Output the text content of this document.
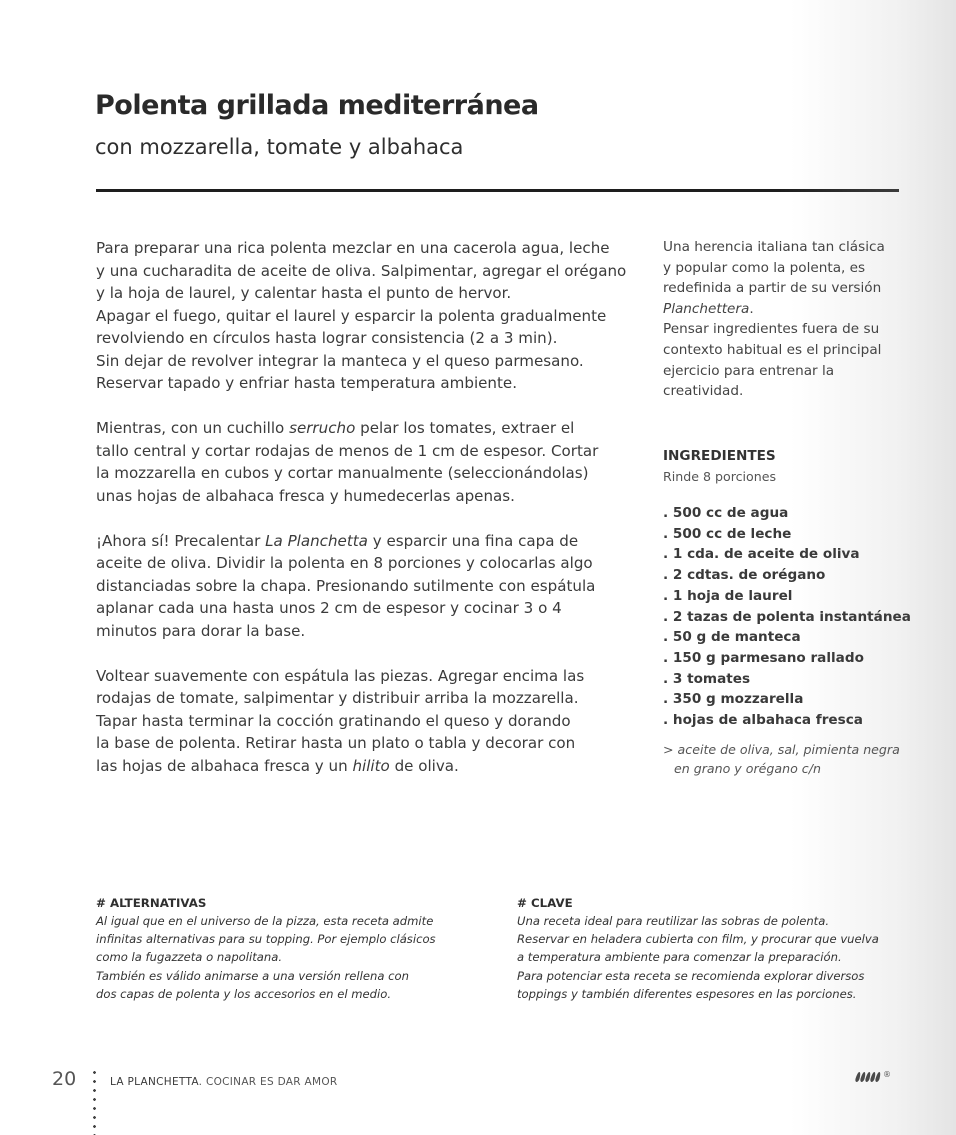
Polenta grillada mediterránea
con mozzarella, tomate y albahaca

Para preparar una rica polenta mezclar en una cacerola agua, leche
y una cucharadita de aceite de oliva. Salpimentar, agregar el orégano
y la hoja de laurel, y calentar hasta el punto de hervor.
Apagar el fuego, quitar el laurel y esparcir la polenta gradualmente
revolviendo en círculos hasta lograr consistencia (2 a 3 min).
Sin dejar de revolver integrar la manteca y el queso parmesano.
Reservar tapado y enfriar hasta temperatura ambiente.

Mientras, con un cuchillo serrucho pelar los tomates, extraer el
tallo central y cortar rodajas de menos de 1 cm de espesor. Cortar
la mozzarella en cubos y cortar manualmente (seleccionándolas)
unas hojas de albahaca fresca y humedecerlas apenas.

¡Ahora sí! Precalentar La Planchetta y esparcir una fina capa de
aceite de oliva. Dividir la polenta en 8 porciones y colocarlas algo
distanciadas sobre la chapa. Presionando sutilmente con espátula
aplanar cada una hasta unos 2 cm de espesor y cocinar 3 o 4
minutos para dorar la base.

Voltear suavemente con espátula las piezas. Agregar encima las
rodajas de tomate, salpimentar y distribuir arriba la mozzarella.
Tapar hasta terminar la cocción gratinando el queso y dorando
la base de polenta. Retirar hasta un plato o tabla y decorar con
las hojas de albahaca fresca y un hilito de oliva.

Una herencia italiana tan clásica
y popular como la polenta, es
redefinida a partir de su versión
Planchettera.
Pensar ingredientes fuera de su
contexto habitual es el principal
ejercicio para entrenar la
creatividad.
INGREDIENTES
Rinde 8 porciones
. 500 cc de agua
. 500 cc de leche
. 1 cda. de aceite de oliva
. 2 cdtas. de orégano
. 1 hoja de laurel
. 2 tazas de polenta instantánea
. 50 g de manteca
. 150 g parmesano rallado
. 3 tomates
. 350 g mozzarella
. hojas de albahaca fresca
> aceite de oliva, sal, pimienta negra
en grano y orégano c/n
# ALTERNATIVAS
Al igual que en el universo de la pizza, esta receta admite
infinitas alternativas para su topping. Por ejemplo clásicos
como la fugazzeta o napolitana.
También es válido animarse a una versión rellena con
dos capas de polenta y los accesorios en el medio.
# CLAVE
Una receta ideal para reutilizar las sobras de polenta.
Reservar en heladera cubierta con film, y procurar que vuelva
a temperatura ambiente para comenzar la preparación.
Para potenciar esta receta se recomienda explorar diversos
toppings y también diferentes espesores en las porciones.
20	LA PLANCHETTA. COCINAR ES DAR AMOR
®
